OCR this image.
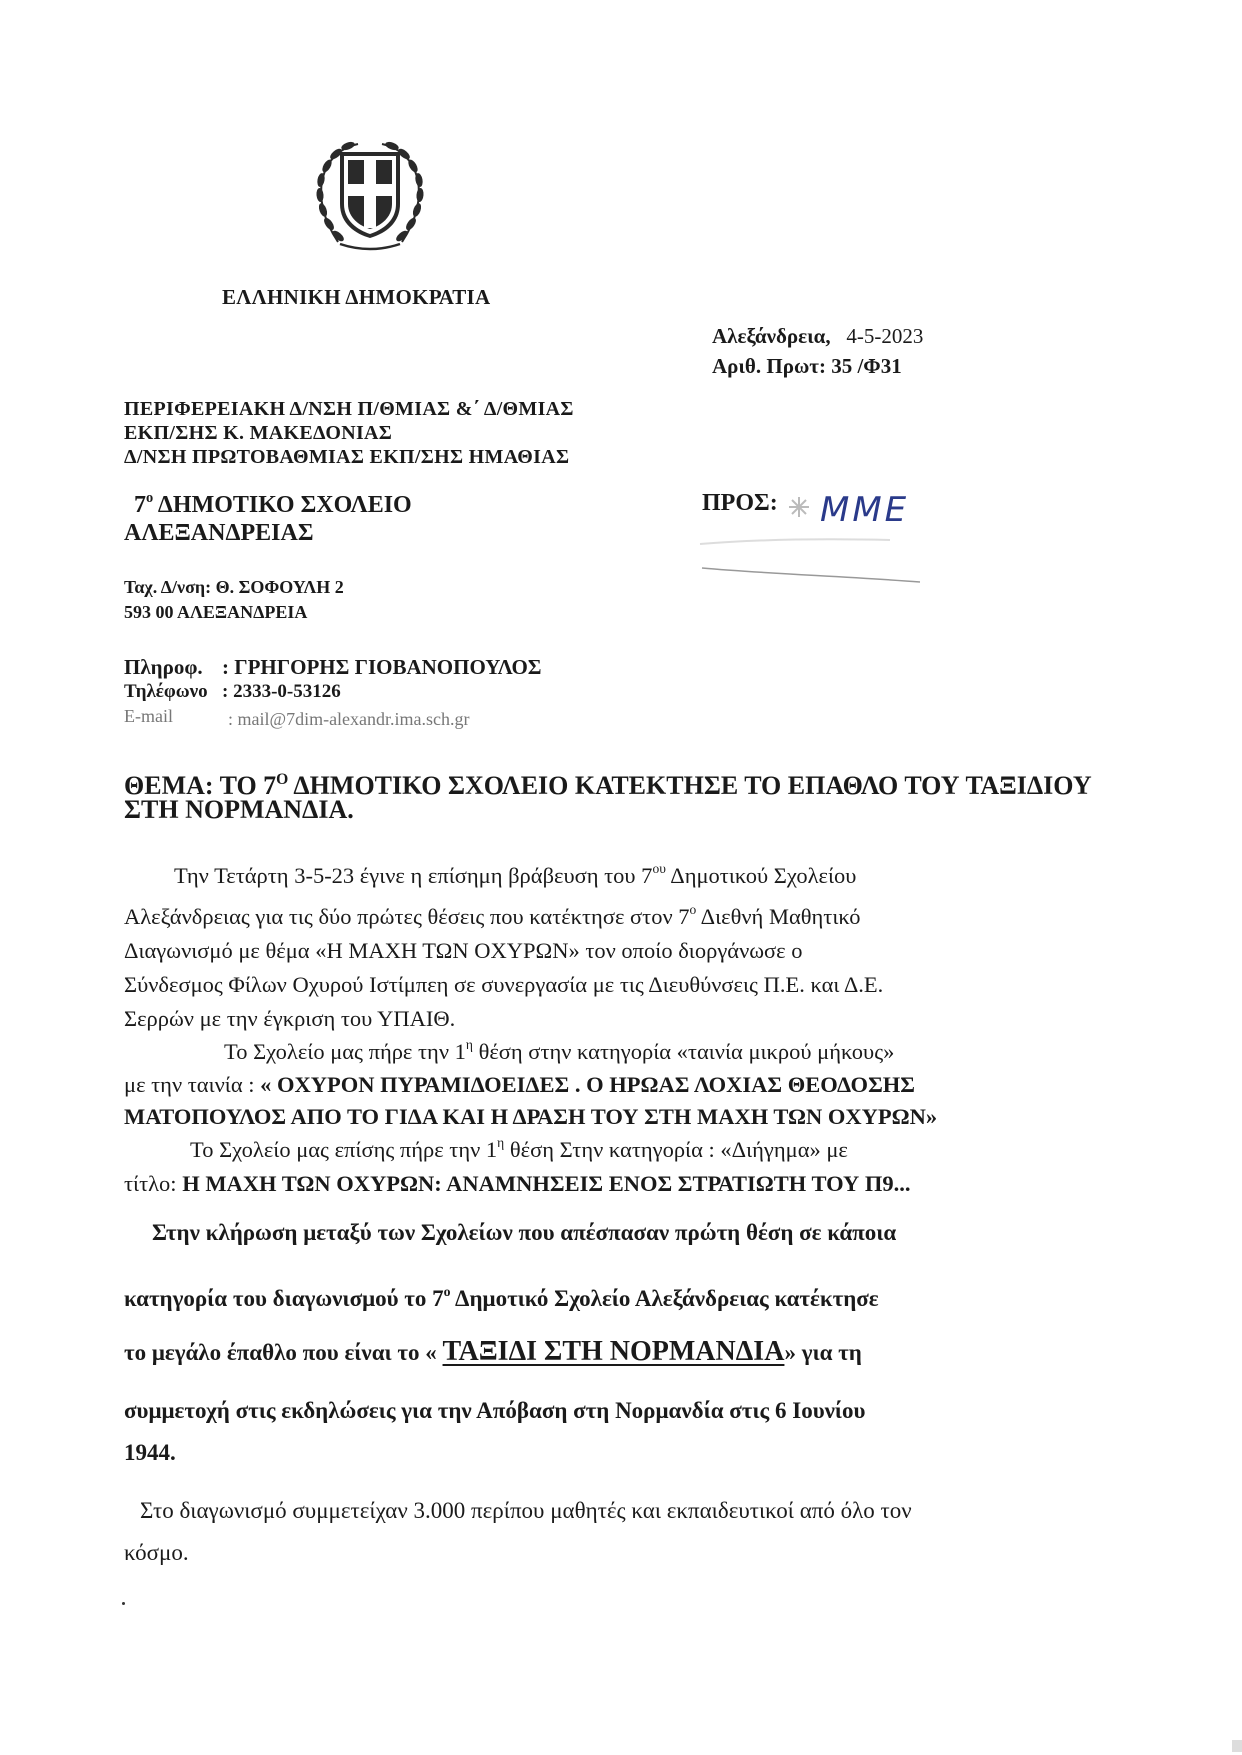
ΕΛΛΗΝΙΚΗ ΔΗΜΟΚΡΑΤΙΑ
Αλεξάνδρεια, 4-5-2023
Αριθ. Πρωτ: 35 /Φ31
ΠΕΡΙΦΕΡΕΙΑΚΗ Δ/ΝΣΗ Π/ΘΜΙΑΣ &΄ Δ/ΘΜΙΑΣ
ΕΚΠ/ΣΗΣ Κ. ΜΑΚΕΔΟΝΙΑΣ
Δ/ΝΣΗ ΠΡΩΤΟΒΑΘΜΙΑΣ ΕΚΠ/ΣΗΣ ΗΜΑΘΙΑΣ
$7^o$ ΔΗΜΟΤΙΚΟ ΣΧΟΛΕΙΟ
ΑΛΕΞΑΝΔΡΕΙΑΣ
ΠΡΟΣ: ΜΜΕ
Ταχ. Δ/νση: Θ. ΣΟΦΟΥΛΗ 2
593 00 ΑΛΕΞΑΝΔΡΕΙΑ
Πληροφ. : ΓΡΗΓΟΡΗΣ ΓΙΟΒΑΝΟΠΟΥΛΟΣ
Τηλέφωνο : 2333-0-53126
E-mail	: mail@7dim-alexandr.ima.sch.gr
ΘΕΜΑ: ΤΟ $7^O$ ΔΗΜΟΤΙΚΟ ΣΧΟΛΕΙΟ ΚΑΤΕΚΤΗΣΕ ΤΟ ΕΠΑΘΛΟ ΤΟΥ ΤΑΞΙΔΙΟΥ
ΣΤΗ ΝΟΡΜΑΝΔΙΑ.
Την Τετάρτη 3-5-23 έγινε η επίσημη βράβευση του $7^{o\upsilon}$ Δημοτικού Σχολείου
Αλεξάνδρειας για τις δύο πρώτες θέσεις που κατέκτησε στον $7^o$ Διεθνή Μαθητικό
Διαγωνισμό με θέμα «Η ΜΑΧΗ ΤΩΝ ΟΧΥΡΩΝ» τον οποίο διοργάνωσε ο
Σύνδεσμος Φίλων Οχυρού Ιστίμπεη σε συνεργασία με τις Διευθύνσεις Π.Ε. και Δ.Ε.
Σερρών με την έγκριση του ΥΠΑΙΘ.
Το Σχολείο μας πήρε την $1^\eta$ θέση στην κατηγορία «ταινία μικρού μήκους»
με την ταινία : « ΟΧΥΡΟΝ ΠΥΡΑΜΙΔΟΕΙΔΕΣ . Ο ΗΡΩΑΣ ΛΟΧΙΑΣ ΘΕΟΔΟΣΗΣ
ΜΑΤΟΠΟΥΛΟΣ ΑΠΟ ΤΟ ΓΙΔΑ ΚΑΙ Η ΔΡΑΣΗ ΤΟΥ ΣΤΗ ΜΑΧΗ ΤΩΝ ΟΧΥΡΩΝ»
Το Σχολείο μας επίσης πήρε την $1^\eta$ θέση Στην κατηγορία : «Διήγημα» με
τίτλο: Η ΜΑΧΗ ΤΩΝ ΟΧΥΡΩΝ: ΑΝΑΜΝΗΣΕΙΣ ΕΝΟΣ ΣΤΡΑΤΙΩΤΗ ΤΟΥ Π9...
Στην κλήρωση μεταξύ των Σχολείων που απέσπασαν πρώτη θέση σε κάποια
κατηγορία του διαγωνισμού το $7^o$ Δημοτικό Σχολείο Αλεξάνδρειας κατέκτησε
το μεγάλο έπαθλο που είναι το « ΤΑΞΙΔΙ ΣΤΗ ΝΟΡΜΑΝΔΙΑ» για τη
συμμετοχή στις εκδηλώσεις για την Απόβαση στη Νορμανδία στις 6 Ιουνίου
1944.
Στο διαγωνισμό συμμετείχαν 3.000 περίπου μαθητές και εκπαιδευτικοί από όλο τον
κόσμο.
